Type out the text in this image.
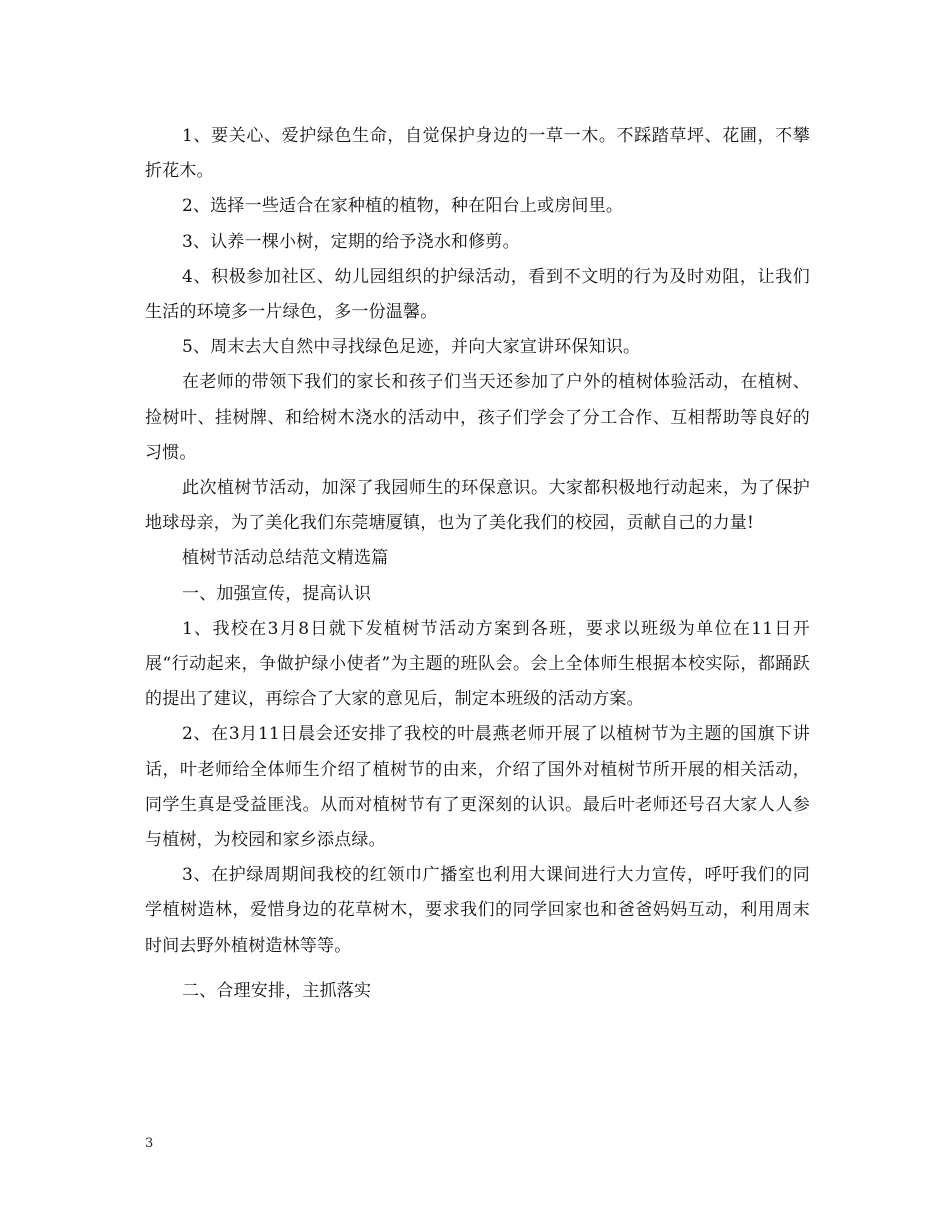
1、要关心、爱护绿色生命，自觉保护身边的一草一木。不踩踏草坪、花圃，不攀折花木。

2、选择一些适合在家种植的植物，种在阳台上或房间里。

3、认养一棵小树，定期的给予浇水和修剪。

4、积极参加社区、幼儿园组织的护绿活动，看到不文明的行为及时劝阻，让我们生活的环境多一片绿色，多一份温馨。

5、周末去大自然中寻找绿色足迹，并向大家宣讲环保知识。

在老师的带领下我们的家长和孩子们当天还参加了户外的植树体验活动，在植树、捡树叶、挂树牌、和给树木浇水的活动中，孩子们学会了分工合作、互相帮助等良好的习惯。

此次植树节活动，加深了我园师生的环保意识。大家都积极地行动起来，为了保护地球母亲，为了美化我们东莞塘厦镇，也为了美化我们的校园，贡献自己的力量!

植树节活动总结范文精选篇

一、加强宣传，提高认识

1、我校在3月8日就下发植树节活动方案到各班，要求以班级为单位在11日开展“行动起来，争做护绿小使者”为主题的班队会。会上全体师生根据本校实际，都踊跃的提出了建议，再综合了大家的意见后，制定本班级的活动方案。

2、在3月11日晨会还安排了我校的叶晨燕老师开展了以植树节为主题的国旗下讲话，叶老师给全体师生介绍了植树节的由来，介绍了国外对植树节所开展的相关活动，同学生真是受益匪浅。从而对植树节有了更深刻的认识。最后叶老师还号召大家人人参与植树，为校园和家乡添点绿。

3、在护绿周期间我校的红领巾广播室也利用大课间进行大力宣传，呼吁我们的同学植树造林，爱惜身边的花草树木，要求我们的同学回家也和爸爸妈妈互动，利用周末时间去野外植树造林等等。

二、合理安排，主抓落实

3
